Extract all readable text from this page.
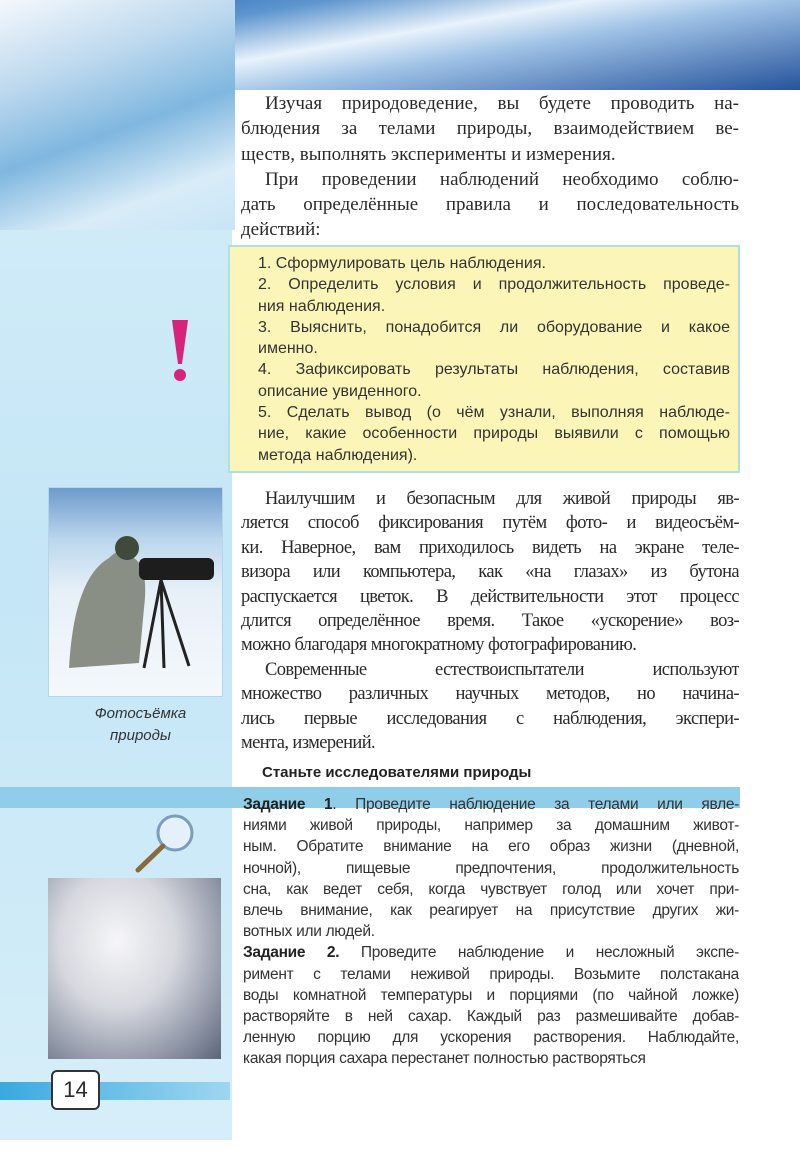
Изучая природоведение, вы будете проводить на-
блюдения за телами природы, взаимодействием ве-
ществ, выполнять эксперименты и измерения.
При проведении наблюдений необходимо соблю-
дать определённые правила и последовательность
действий:
1. Сформулировать цель наблюдения.
2. Определить условия и продолжительность проведе-
ния наблюдения.
3. Выяснить, понадобится ли оборудование и какое
именно.
4. Зафиксировать результаты наблюдения, составив
описание увиденного.
5. Сделать вывод (о чём узнали, выполняя наблюде-
ние, какие особенности природы выявили с помощью
метода наблюдения).
Фотосъёмка
природы
Наилучшим и безопасным для живой природы яв-
ляется способ фиксирования путём фото- и видеосъём-
ки. Наверное, вам приходилось видеть на экране теле-
визора или компьютера, как «на глазах» из бутона
распускается цветок. В действительности этот процесс
длится определённое время. Такое «ускорение» воз-
можно благодаря многократному фотографированию.
Современные естествоиспытатели используют
множество различных научных методов, но начина-
лись первые исследования с наблюдения, экспери-
мента, измерений.
Станьте исследователями природы
Задание 1. Проведите наблюдение за телами или явле-
ниями живой природы, например за домашним живот-
ным. Обратите внимание на его образ жизни (дневной,
ночной), пищевые предпочтения, продолжительность
сна, как ведет себя, когда чувствует голод или хочет при-
влечь внимание, как реагирует на присутствие других жи-
вотных или людей.
Задание 2. Проведите наблюдение и несложный экспе-
римент с телами неживой природы. Возьмите полстакана
воды комнатной температуры и порциями (по чайной ложке)
растворяйте в ней сахар. Каждый раз размешивайте добав-
ленную порцию для ускорения растворения. Наблюдайте,
какая порция сахара перестанет полностью растворяться
14
